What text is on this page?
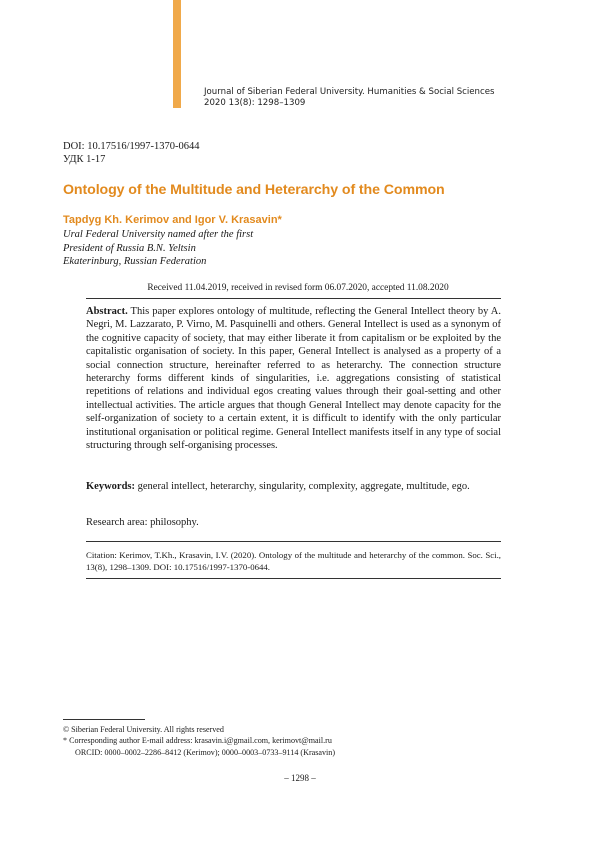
Journal of Siberian Federal University. Humanities & Social Sciences
2020 13(8): 1298–1309
DOI: 10.17516/1997-1370-0644
УДК 1-17
Ontology of the Multitude and Heterarchy of the Common
Tapdyg Kh. Kerimov and Igor V. Krasavin*
Ural Federal University named after the first
President of Russia B.N. Yeltsin
Ekaterinburg, Russian Federation
Received 11.04.2019, received in revised form 06.07.2020, accepted 11.08.2020
Abstract. This paper explores ontology of multitude, reflecting the General Intellect theory by A. Negri, M. Lazzarato, P. Virno, M. Pasquinelli and others. General Intellect is used as a synonym of the cognitive capacity of society, that may either liberate it from capitalism or be exploited by the capitalistic organisation of society. In this paper, General Intellect is analysed as a property of a social connection structure, hereinafter referred to as heterarchy. The connection structure heterarchy forms different kinds of singularities, i.e. aggregations consisting of statistical repetitions of relations and individual egos creating values through their goal-setting and other intellectual activities. The article argues that though General Intellect may denote capacity for the self-organization of society to a certain extent, it is difficult to identify with the only particular institutional organisation or political regime. General Intellect manifests itself in any type of social structuring through self-organising processes.
Keywords: general intellect, heterarchy, singularity, complexity, aggregate, multitude, ego.
Research area: philosophy.
Citation: Kerimov, T.Kh., Krasavin, I.V. (2020). Ontology of the multitude and heterarchy of the common. Soc. Sci., 13(8), 1298–1309. DOI: 10.17516/1997-1370-0644.
© Siberian Federal University. All rights reserved
* Corresponding author E-mail address: krasavin.i@gmail.com, kerimovt@mail.ru
ORCID: 0000–0002–2286–8412 (Kerimov); 0000–0003–0733–9114 (Krasavin)
– 1298 –
